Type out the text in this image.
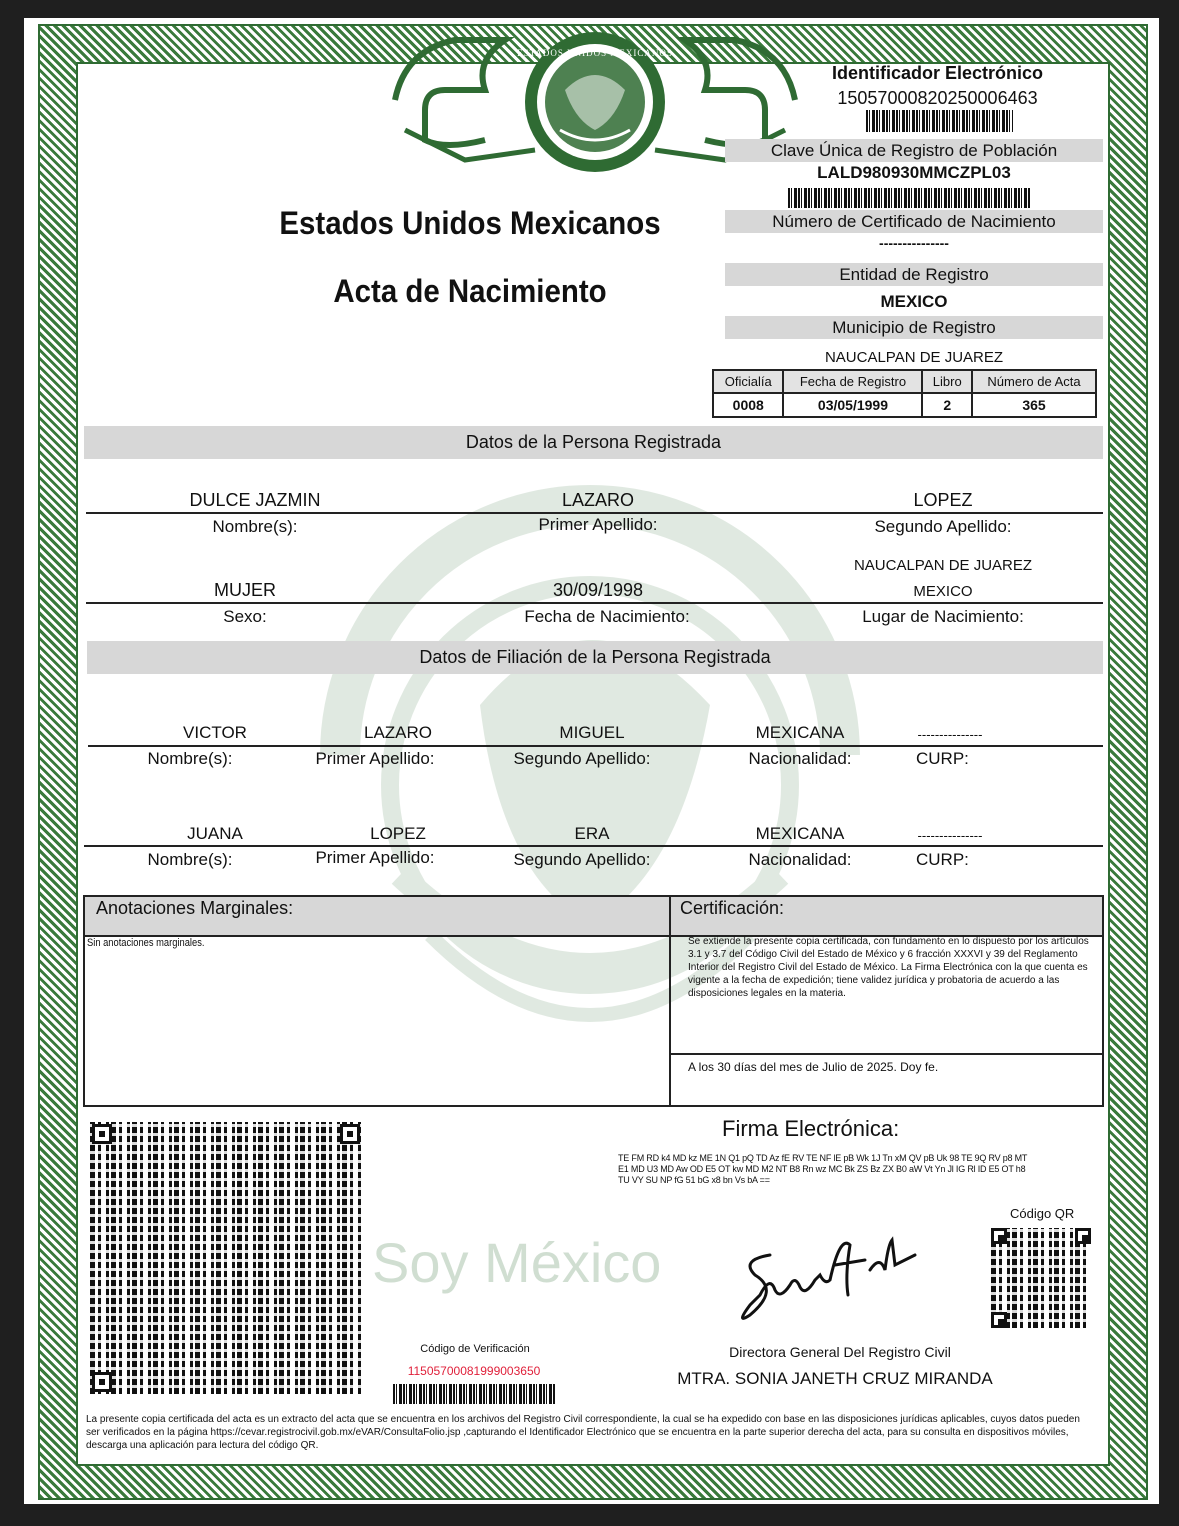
ESTADOS UNIDOS MEXICANOS
Estados Unidos Mexicanos
Acta de Nacimiento
Identificador Electrónico
15057000820250006463
Clave Única de Registro de Población
LALD980930MMCZPL03
Número de Certificado de Nacimiento
---------------
Entidad de Registro
MEXICO
Municipio de Registro
NAUCALPAN DE JUAREZ
Oficialía	Fecha de Registro	Libro	Número de Acta
0008	03/05/1999	2	365
Datos de la Persona Registrada
DULCE JAZMIN	LAZARO	LOPEZ
Nombre(s):	Primer Apellido:	Segundo Apellido:
NAUCALPAN DE JUAREZ
MUJER	30/09/1998	MEXICO
Sexo:	Fecha de Nacimiento:	Lugar de Nacimiento:
Datos de Filiación de la Persona Registrada
VICTOR	LAZARO	MIGUEL	MEXICANA	---------------
Nombre(s):	Primer Apellido:	Segundo Apellido:	Nacionalidad:	CURP:
JUANA	LOPEZ	ERA	MEXICANA	---------------
Nombre(s):	Primer Apellido:	Segundo Apellido:	Nacionalidad:	CURP:
Anotaciones Marginales:
Sin anotaciones marginales.
Certificación:
Se extiende la presente copia certificada, con fundamento en lo dispuesto por los artículos 3.1 y 3.7 del Código Civil del Estado de México y 6 fracción XXXVI y 39 del Reglamento Interior del Registro Civil del Estado de México. La Firma Electrónica con la que cuenta es vigente a la fecha de expedición; tiene validez jurídica y probatoria de acuerdo a las disposiciones legales en la materia.
A los 30 días del mes de Julio de 2025. Doy fe.
Soy México
Código de Verificación
11505700081999003650
Firma Electrónica:
TE FM RD k4 MD kz ME 1N Q1 pQ TD Az fE RV TE NF lE pB Wk 1J Tn xM QV pB Uk 98 TE 9Q RV p8 MT E1 MD U3 MD Aw OD E5 OT kw MD M2 NT B8 Rn wz MC Bk ZS Bz ZX B0 aW Vt Yn Jl IG Rl ID E5 OT h8 TU VY SU NP fG 51 bG x8 bn Vs bA ==
Código QR
Directora General Del Registro Civil
MTRA. SONIA JANETH CRUZ MIRANDA
La presente copia certificada del acta es un extracto del acta que se encuentra en los archivos del Registro Civil correspondiente, la cual se ha expedido con base en las disposiciones jurídicas aplicables, cuyos datos pueden ser verificados en la página https://cevar.registrocivil.gob.mx/eVAR/ConsultaFolio.jsp ,capturando el Identificador Electrónico que se encuentra en la parte superior derecha del acta, para su consulta en dispositivos móviles, descarga una aplicación para lectura del código QR.
